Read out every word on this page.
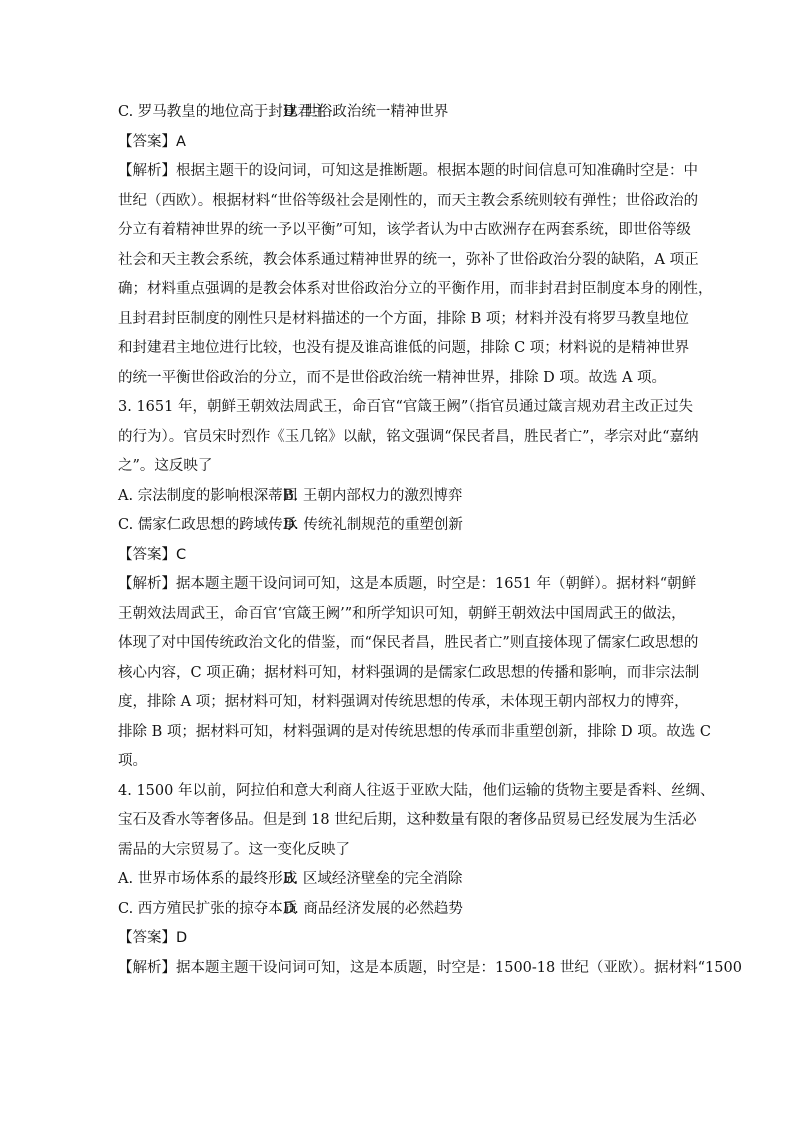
C. 罗马教皇的地位高于封建君主D. 世俗政治统一精神世界
【答案】A
【解析】根据主题干的设问词，可知这是推断题。根据本题的时间信息可知准确时空是：中
世纪（西欧）。根据材料“世俗等级社会是刚性的，而天主教会系统则较有弹性；世俗政治的
分立有着精神世界的统一予以平衡”可知，该学者认为中古欧洲存在两套系统，即世俗等级
社会和天主教会系统，教会体系通过精神世界的统一，弥补了世俗政治分裂的缺陷，A 项正
确；材料重点强调的是教会体系对世俗政治分立的平衡作用，而非封君封臣制度本身的刚性，
且封君封臣制度的刚性只是材料描述的一个方面，排除 B 项；材料并没有将罗马教皇地位
和封建君主地位进行比较，也没有提及谁高谁低的问题，排除 C 项；材料说的是精神世界
的统一平衡世俗政治的分立，而不是世俗政治统一精神世界，排除 D 项。故选 A 项。
3. 1651 年，朝鲜王朝效法周武王，命百官“官箴王阙”（指官员通过箴言规劝君主改正过失
的行为）。官员宋时烈作《玉几铭》以献，铭文强调“保民者昌，胜民者亡”，孝宗对此“嘉纳
之”。这反映了
A. 宗法制度的影响根深蒂固B. 王朝内部权力的激烈博弈
C. 儒家仁政思想的跨域传承D. 传统礼制规范的重塑创新
【答案】C
【解析】据本题主题干设问词可知，这是本质题，时空是：1651 年（朝鲜）。据材料“朝鲜
王朝效法周武王，命百官‘官箴王阙’”和所学知识可知，朝鲜王朝效法中国周武王的做法，
体现了对中国传统政治文化的借鉴，而“保民者昌，胜民者亡”则直接体现了儒家仁政思想的
核心内容，C 项正确；据材料可知，材料强调的是儒家仁政思想的传播和影响，而非宗法制
度，排除 A 项；据材料可知，材料强调对传统思想的传承，未体现王朝内部权力的博弈，
排除 B 项；据材料可知，材料强调的是对传统思想的传承而非重塑创新，排除 D 项。故选 C
项。
4. 1500 年以前，阿拉伯和意大利商人往返于亚欧大陆，他们运输的货物主要是香料、丝绸、
宝石及香水等奢侈品。但是到 18 世纪后期，这种数量有限的奢侈品贸易已经发展为生活必
需品的大宗贸易了。这一变化反映了
A. 世界市场体系的最终形成B. 区域经济壁垒的完全消除
C. 西方殖民扩张的掠夺本质D. 商品经济发展的必然趋势
【答案】D
【解析】据本题主题干设问词可知，这是本质题，时空是：1500-18 世纪（亚欧）。据材料“1500
